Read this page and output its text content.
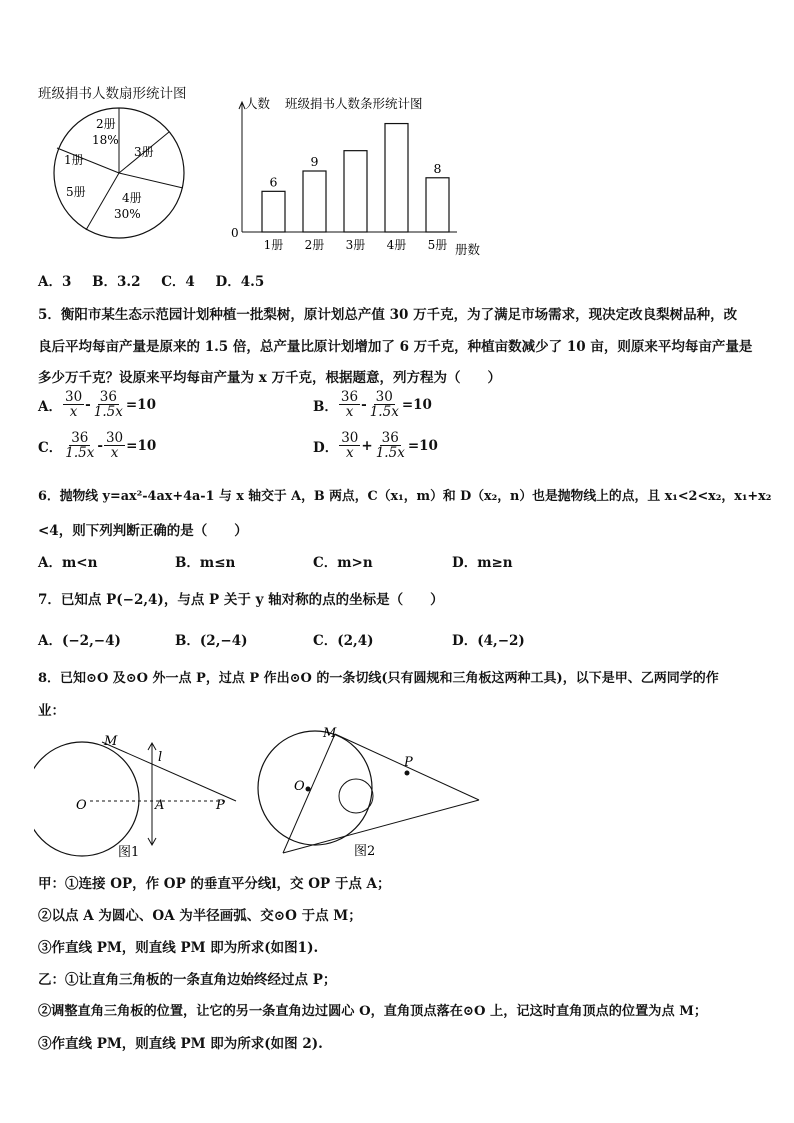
班级捐书人数扇形统计图
2册
18%
3册
1册
5册	4册
30%
人数 班级捐书人数条形统计图
0
册数
6
1册
9
2册 3册 4册
8
5册
A．3 B．3.2 C．4 D．4.5
5．衡阳市某生态示范园计划种植一批梨树，原计划总产值 30 万千克，为了满足市场需求，现决定改良梨树品种，改
良后平均每亩产量是原来的 1.5 倍，总产量比原计划增加了 6 万千克，种植亩数减少了 10 亩，则原来平均每亩产量是
多少万千克？设原来平均每亩产量为 x 万千克，根据题意，列方程为（　　）
A． $\frac{30}{x} - \frac{36}{1.5x} =10$	B． $\frac{36}{x} - \frac{30}{1.5x} =10$
C． $\frac{36}{1.5x} - \frac{30}{x} =10$	D． $\frac{30}{x} + \frac{36}{1.5x} =10$
6．抛物线 y=ax²-4ax+4a-1 与 x 轴交于 A，B 两点，C（x₁，m）和 D（x₂，n）也是抛物线上的点，且 x₁<2<x₂，x₁+x₂
<4，则下列判断正确的是（　　）
A．m<n	B．m≤n	C．m>n	D．m≥n
7．已知点 P(−2,4)，与点 P 关于 y 轴对称的点的坐标是（　　）
A．(−2,−4)	B．(2,−4)	C．(2,4)	D．(4,−2)
8．已知⊙O 及⊙O 外一点 P，过点 P 作出⊙O 的一条切线(只有圆规和三角板这两种工具)，以下是甲、乙两同学的作
业：
M
l
O	A	P
图1
M
O
P
图2
甲：①连接 OP，作 OP 的垂直平分线l，交 OP 于点 A；
②以点 A 为圆心、OA 为半径画弧、交⊙O 于点 M；
③作直线 PM，则直线 PM 即为所求(如图1).
乙：①让直角三角板的一条直角边始终经过点 P；
②调整直角三角板的位置，让它的另一条直角边过圆心 O，直角顶点落在⊙O 上，记这时直角顶点的位置为点 M；
③作直线 PM，则直线 PM 即为所求(如图 2).
